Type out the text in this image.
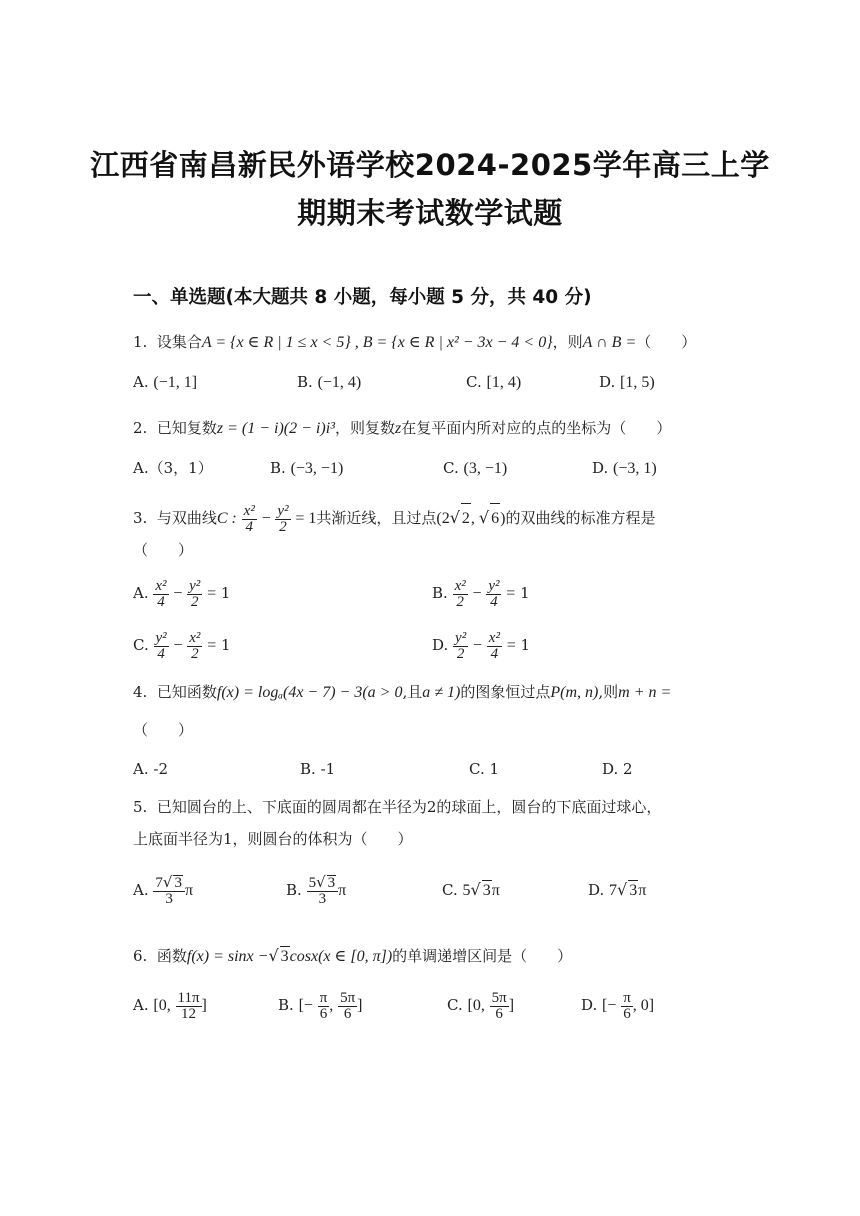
江西省南昌新民外语学校2024-2025学年高三上学
期期末考试数学试题
一、单选题(本大题共 8 小题，每小题 5 分，共 40 分)
1. 设集合A = {x ∈ R | 1 ≤ x < 5} , B = {x ∈ R | x² − 3x − 4 < 0}，则A ∩ B =（　　）
A. (−1, 1]	B. (−1, 4)	C. [1, 4)	D. [1, 5)
2. 已知复数z = (1 − i)(2 − i)i³，则复数z在复平面内所对应的点的坐标为（　　）
A.（3，1）	B. (−3, −1)	C. (3, −1)	D. (−3, 1)
3. 与双曲线C : $\frac{\text{x²}}{4} - \frac{\text{y²}}{2} = 1$共渐近线，且过点(2√ 2, √ 6)的双曲线的标准方程是
（　　）
A. $\frac{\text{x²}}{4} - \frac{\text{y²}}{2} = 1$	B. $\frac{\text{x²}}{2} - \frac{\text{y²}}{4} = 1$
C. $\frac{\text{y²}}{4} - \frac{\text{x²}}{2} = 1$	D. $\frac{\text{y²}}{2} - \frac{\text{x²}}{4} = 1$
4. 已知函数f(x) = logₐ(4x − 7) − 3(a > 0,且a ≠ 1)的图象恒过点P(m, n),则m + n =
（　　）
A. -2	B. -1	C. 1	D. 2
5. 已知圆台的上、下底面的圆周都在半径为2的球面上，圆台的下底面过球心，
上底面半径为1，则圆台的体积为（　　）
A. $\frac{7√ 3}{3}$ π	B. $\frac{5√ 3}{3}$ π	C. 5√ 3π	D. 7√ 3π
6. 函数f(x) = sinx −√ 3cosx(x ∈ [0, π])的单调递增区间是（　　）
A. [0, $\frac{11\pi}{12}$ ]	B. [− $\frac{\pi}{6}$ , $\frac{5\pi}{6}$ ]	C. [0, $\frac{5\pi}{6}$ ]	D. [− $\frac{\pi}{6}$ , 0]
